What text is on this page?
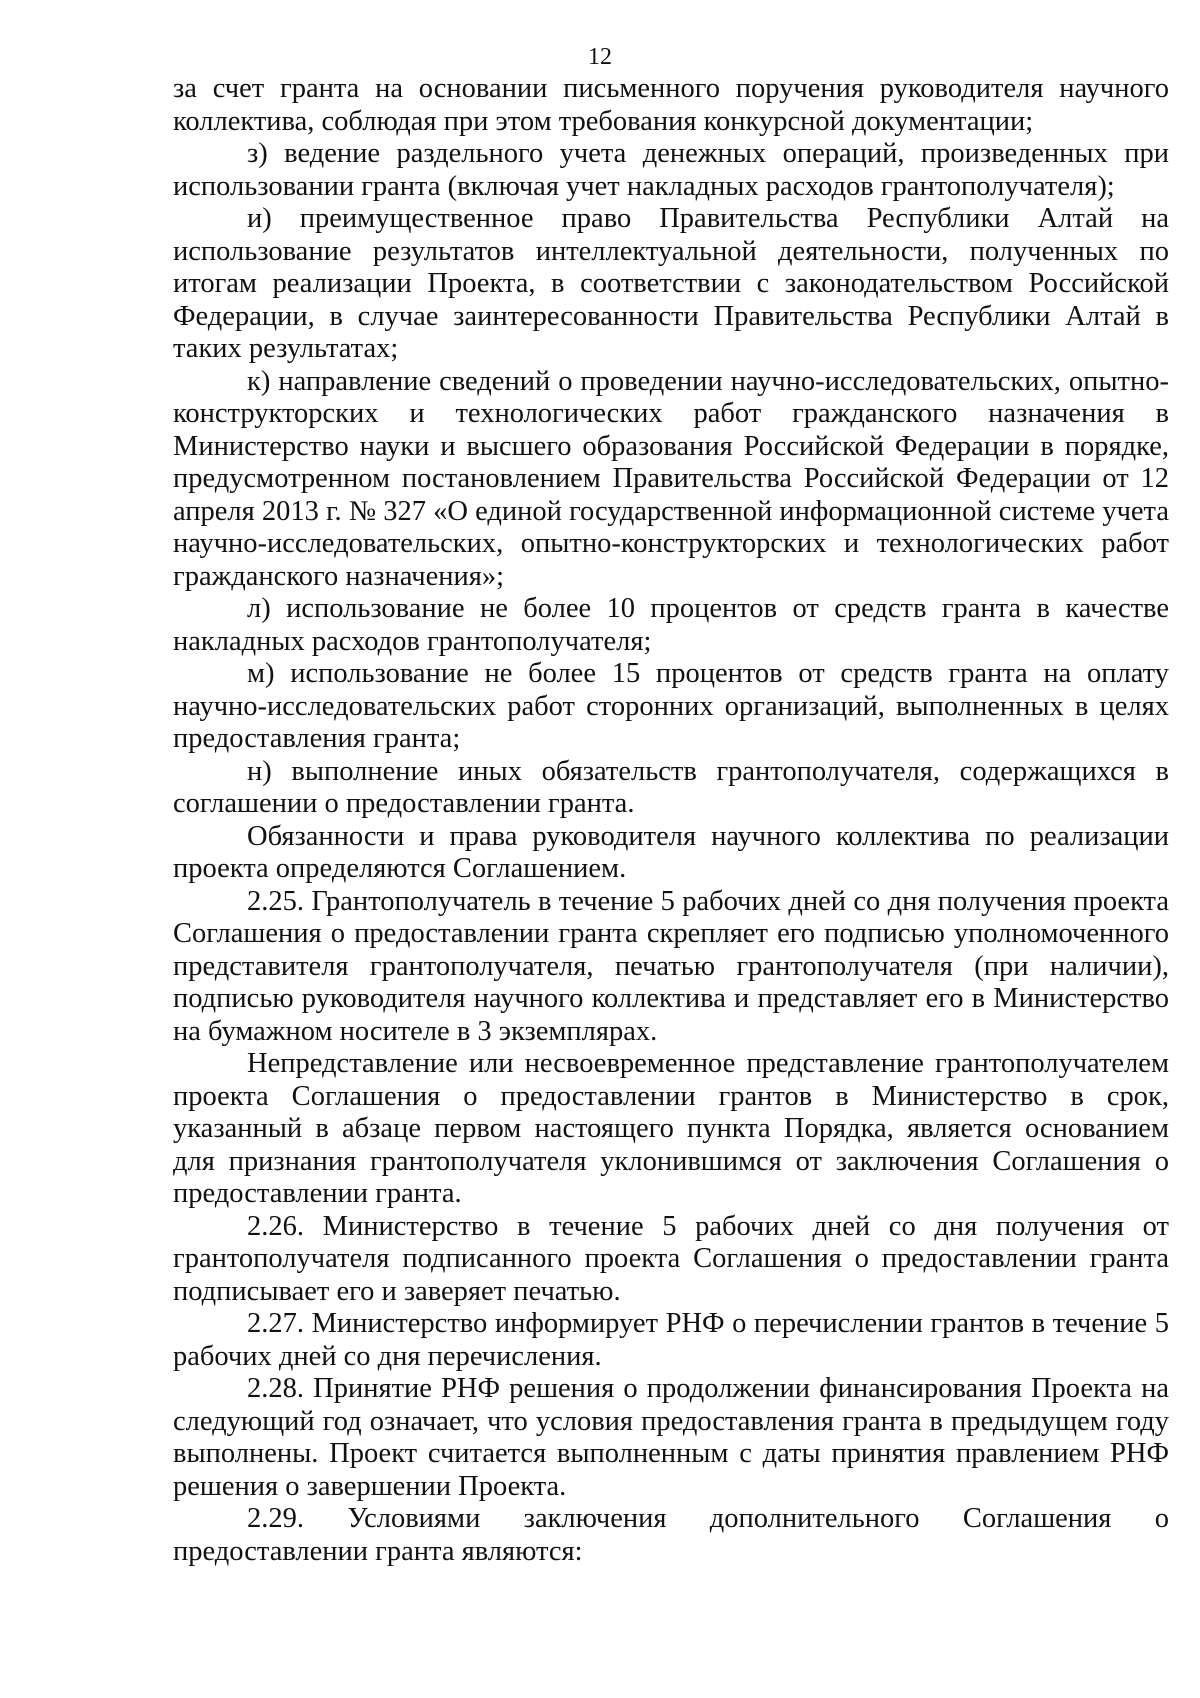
12

за счет гранта на основании письменного поручения руководителя научного коллектива, соблюдая при этом требования конкурсной документации;

з) ведение раздельного учета денежных операций, произведенных при использовании гранта (включая учет накладных расходов грантополучателя);

и) преимущественное право Правительства Республики Алтай на использование результатов интеллектуальной деятельности, полученных по итогам реализации Проекта, в соответствии с законодательством Российской Федерации, в случае заинтересованности Правительства Республики Алтай в таких результатах;

к) направление сведений о проведении научно-исследовательских, опытно-конструкторских и технологических работ гражданского назначения в Министерство науки и высшего образования Российской Федерации в порядке, предусмотренном постановлением Правительства Российской Федерации от 12 апреля 2013 г. № 327 «О единой государственной информационной системе учета научно-исследовательских, опытно-конструкторских и технологических работ гражданского назначения»;

л) использование не более 10 процентов от средств гранта в качестве накладных расходов грантополучателя;

м) использование не более 15 процентов от средств гранта на оплату научно-исследовательских работ сторонних организаций, выполненных в целях предоставления гранта;

н) выполнение иных обязательств грантополучателя, содержащихся в соглашении о предоставлении гранта.

Обязанности и права руководителя научного коллектива по реализации проекта определяются Соглашением.

2.25. Грантополучатель в течение 5 рабочих дней со дня получения проекта Соглашения о предоставлении гранта скрепляет его подписью уполномоченного представителя грантополучателя, печатью грантополучателя (при наличии), подписью руководителя научного коллектива и представляет его в Министерство на бумажном носителе в 3 экземплярах.

Непредставление или несвоевременное представление грантополучателем проекта Соглашения о предоставлении грантов в Министерство в срок, указанный в абзаце первом настоящего пункта Порядка, является основанием для признания грантополучателя уклонившимся от заключения Соглашения о предоставлении гранта.

2.26. Министерство в течение 5 рабочих дней со дня получения от грантополучателя подписанного проекта Соглашения о предоставлении гранта подписывает его и заверяет печатью.

2.27. Министерство информирует РНФ о перечислении грантов в течение 5 рабочих дней со дня перечисления.

2.28. Принятие РНФ решения о продолжении финансирования Проекта на следующий год означает, что условия предоставления гранта в предыдущем году выполнены. Проект считается выполненным с даты принятия правлением РНФ решения о завершении Проекта.

2.29. Условиями заключения дополнительного Соглашения о предоставлении гранта являются:
